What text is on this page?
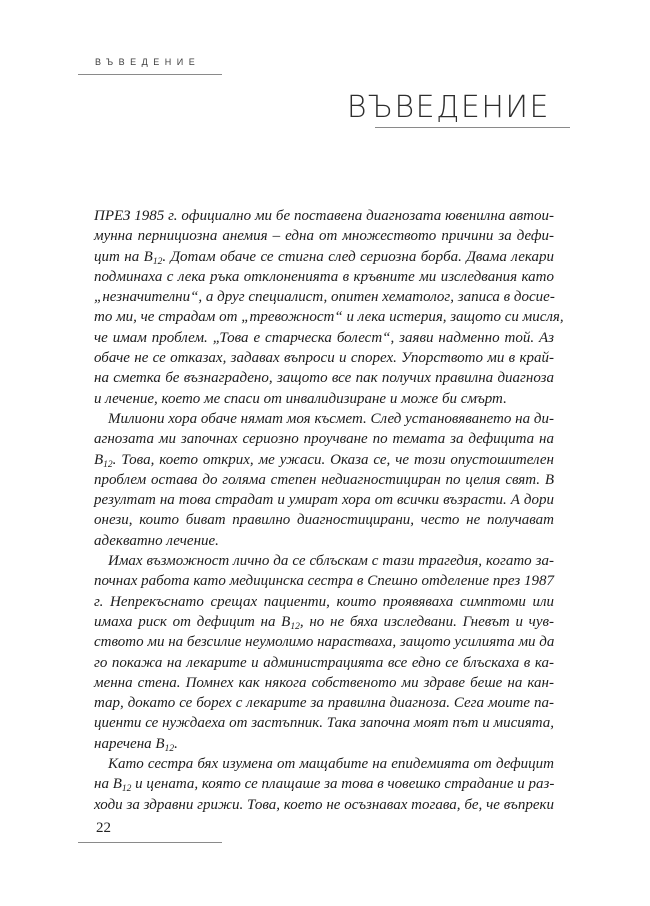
ВЪВЕДЕНИЕ
ВЪВЕДЕНИЕ
ПРЕЗ 1985 г. официално ми бе поставена диагнозата ювенилна автои-
мунна пернициозна анемия – една от множеството причини за дефи-
цит на $B_{12}$. Дотам обаче се стигна след сериозна борба. Двама лекари
подминаха с лека ръка отклоненията в кръвните ми изследвания като
„незначителни“, а друг специалист, опитен хематолог, записа в досие-
то ми, че страдам от „тревожност“ и лека истерия, защото си мисля,
че имам проблем. „Това е старческа болест“, заяви надменно той. Аз
обаче не се отказах, задавах въпроси и спорех. Упорството ми в край-
на сметка бе възнаградено, защото все пак получих правилна диагноза
и лечение, което ме спаси от инвалидизиране и може би смърт.
Милиони хора обаче нямат моя късмет. След установяването на ди-
агнозата ми започнах сериозно проучване по темата за дефицита на
$B_{12}$. Това, което открих, ме ужаси. Оказа се, че този опустошителен
проблем остава до голяма степен недиагностициран по целия свят. В
резултат на това страдат и умират хора от всички възрасти. А дори
онези, които биват правилно диагностицирани, често не получават
адекватно лечение.
Имах възможност лично да се сблъскам с тази трагедия, когато за-
почнах работа като медицинска сестра в Спешно отделение през 1987
г. Непрекъснато срещах пациенти, които проявяваха симптоми или
имаха риск от дефицит на $B_{12}$, но не бяха изследвани. Гневът и чув-
ството ми на безсилие неумолимо нарастваха, защото усилията ми да
го покажа на лекарите и администрацията все едно се блъскаха в ка-
менна стена. Помнех как някога собственото ми здраве беше на кан-
тар, докато се борех с лекарите за правилна диагноза. Сега моите па-
циенти се нуждаеха от застъпник. Така започна моят път и мисията,
наречена $B_{12}$.
Като сестра бях изумена от мащабите на епидемията от дефицит
на $B_{12}$ и цената, която се плащаше за това в човешко страдание и раз-
ходи за здравни грижи. Това, което не осъзнавах тогава, бе, че въпреки
22
